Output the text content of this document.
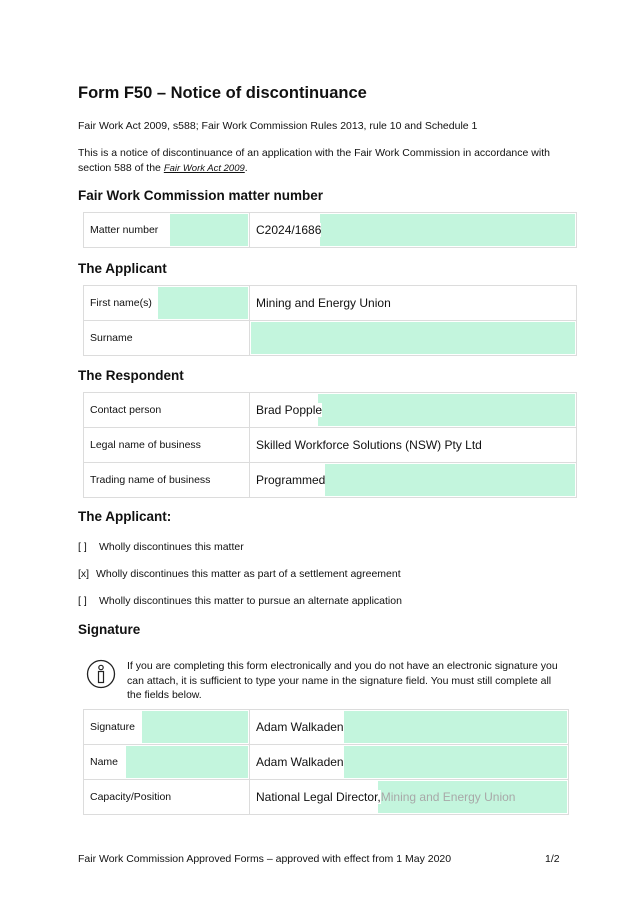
Form F50 – Notice of discontinuance
Fair Work Act 2009, s588; Fair Work Commission Rules 2013, rule 10 and Schedule 1
This is a notice of discontinuance of an application with the Fair Work Commission in accordance with section 588 of the Fair Work Act 2009.
Fair Work Commission matter number
Matter number	C2024/1686
The Applicant
First name(s)	Mining and Energy Union

Surname	

The Respondent
Contact person	Brad Popple

Legal name of business	Skilled Workforce Solutions (NSW) Pty Ltd

Trading name of business	Programmed
The Applicant:
[ ] Wholly discontinues this matter
[x] Wholly discontinues this matter as part of a settlement agreement
[ ] Wholly discontinues this matter to pursue an alternate application
Signature
If you are completing this form electronically and you do not have an electronic signature you can attach, it is sufficient to type your name in the signature field. You must still complete all the fields below.
Signature	Adam Walkaden

Name	Adam Walkaden

Capacity/Position	National Legal Director, Mining and Energy Union
Fair Work Commission Approved Forms – approved with effect from 1 May 2020	1/2
